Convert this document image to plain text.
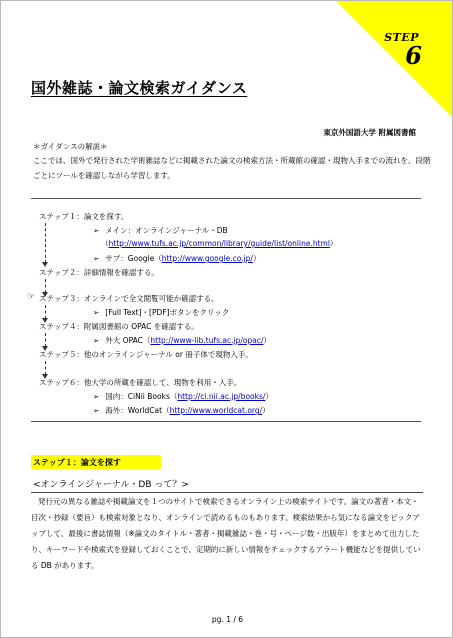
STEP
6
国外雑誌・論文検索ガイダンス
東京外国語大学 附属図書館
＊ガイダンスの解説＊
ここでは、国外で発行された学術雑誌などに掲載された論文の検索方法・所蔵館の確認・現物入手までの流れを、段階ごとにツールを確認しながら学習します。
ステップ１：論文を探す。
➢ メイン：オンラインジャーナル・DB
（http://www.tufs.ac.jp/common/library/guide/list/online.html）
➢ サブ：Google（http://www.google.co.jp/）
ステップ２：詳細情報を確認する。
☞ ステップ３：オンラインで全文閲覧可能か確認する。
➢ [Full Text]・[PDF]ボタンをクリック
ステップ４：附属図書館の OPAC を確認する。
➢ 外大 OPAC（http://www-lib.tufs.ac.jp/opac/）
ステップ５：他のオンラインジャーナル or 冊子体で現物入手。
ステップ６：他大学の所蔵を確認して、現物を利用・入手。
➢ 国内：CiNii Books（http://ci.nii.ac.jp/books/）
➢ 海外：WorldCat（http://www.worldcat.org/）
ステップ１：論文を探す
<オンラインジャーナル・DB って？>
発行元の異なる雑誌や掲載論文を１つのサイトで検索できるオンライン上の検索サイトです。論文の著者・本文・目次・抄録（要旨）も検索対象となり、オンラインで読めるものもあります。検索結果から気になる論文をピックアップして、最後に書誌情報（※論文のタイトル・著者・掲載雑誌・巻・号・ページ数・出版年）をまとめて出力したり、キーワードや検索式を登録しておくことで、定期的に新しい情報をチェックするアラート機能などを提供している DB があります。
pg. 1 / 6
